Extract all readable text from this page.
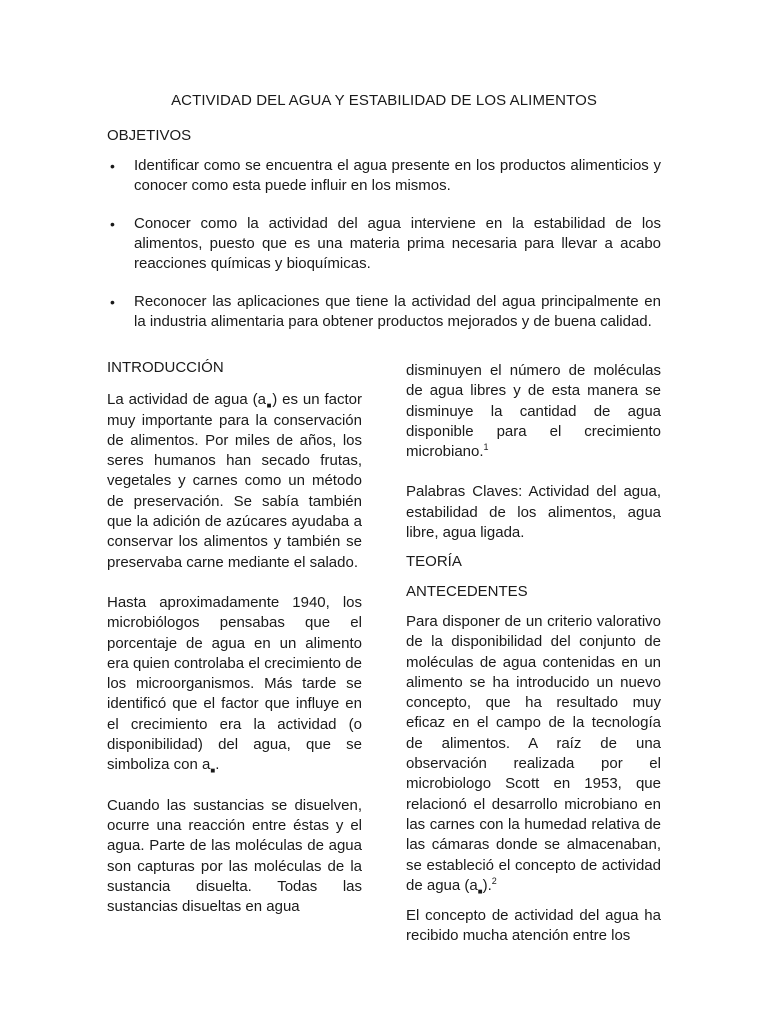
ACTIVIDAD DEL AGUA Y ESTABILIDAD DE LOS ALIMENTOS
OBJETIVOS
• Identificar como se encuentra el agua presente en los productos alimenticios y conocer como esta puede influir en los mismos.
• Conocer como la actividad del agua interviene en la estabilidad de los alimentos, puesto que es una materia prima necesaria para llevar a acabo reacciones químicas y bioquímicas.
• Reconocer las aplicaciones que tiene la actividad del agua principalmente en la industria alimentaria para obtener productos mejorados y de buena calidad.

INTRODUCCIÓN

La actividad de agua $(a_■)$ es un factor muy importante para la conservación de alimentos. Por miles de años, los seres humanos han secado frutas, vegetales y carnes como un método de preservación. Se sabía también que la adición de azúcares ayudaba a conservar los alimentos y también se preservaba carne mediante el salado.

Hasta aproximadamente 1940, los microbiólogos pensabas que el porcentaje de agua en un alimento era quien controlaba el crecimiento de los microorganismos. Más tarde se identificó que el factor que influye en el crecimiento era la actividad (o disponibilidad) del agua, que se simboliza con $a_■$.

Cuando las sustancias se disuelven, ocurre una reacción entre éstas y el agua. Parte de las moléculas de agua son capturas por las moléculas de la sustancia disuelta. Todas las sustancias disueltas en agua

disminuyen el número de moléculas de agua libres y de esta manera se disminuye la cantidad de agua disponible para el crecimiento microbiano.$^1$

Palabras Claves: Actividad del agua, estabilidad de los alimentos, agua libre, agua ligada.

TEORÍA

ANTECEDENTES

Para disponer de un criterio valorativo de la disponibilidad del conjunto de moléculas de agua contenidas en un alimento se ha introducido un nuevo concepto, que ha resultado muy eficaz en el campo de la tecnología de alimentos. A raíz de una observación realizada por el microbiologo Scott en 1953, que relacionó el desarrollo microbiano en las carnes con la humedad relativa de las cámaras donde se almacenaban, se estableció el concepto de actividad de agua $(a_■).^2$

El concepto de actividad del agua ha recibido mucha atención entre los
